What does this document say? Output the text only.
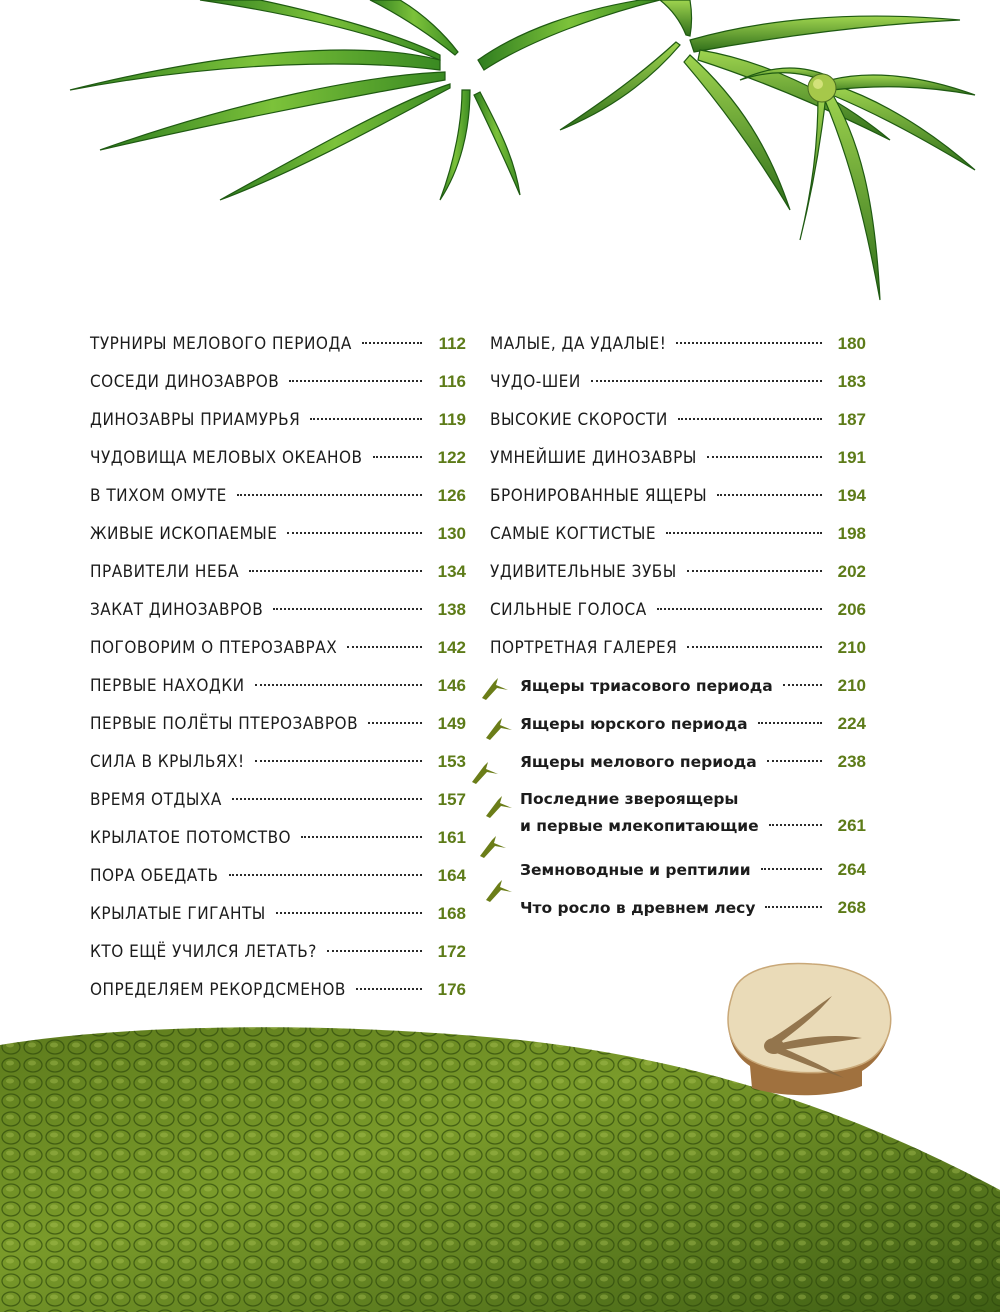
ТУРНИРЫ МЕЛОВОГО ПЕРИОДА	112
СОСЕДИ ДИНОЗАВРОВ	116
ДИНОЗАВРЫ ПРИАМУРЬЯ	119
ЧУДОВИЩА МЕЛОВЫХ ОКЕАНОВ	122
В ТИХОМ ОМУТЕ	126
ЖИВЫЕ ИСКОПАЕМЫЕ	130
ПРАВИТЕЛИ НЕБА	134
ЗАКАТ ДИНОЗАВРОВ	138
ПОГОВОРИМ О ПТЕРОЗАВРАХ	142
ПЕРВЫЕ НАХОДКИ	146
ПЕРВЫЕ ПОЛЁТЫ ПТЕРОЗАВРОВ	149
СИЛА В КРЫЛЬЯХ!	153
ВРЕМЯ ОТДЫХА	157
КРЫЛАТОЕ ПОТОМСТВО	161
ПОРА ОБЕДАТЬ	164
КРЫЛАТЫЕ ГИГАНТЫ	168
КТО ЕЩЁ УЧИЛСЯ ЛЕТАТЬ?	172
ОПРЕДЕЛЯЕМ РЕКОРДСМЕНОВ	176
МАЛЫЕ, ДА УДАЛЫЕ!	180
ЧУДО-ШЕИ	183
ВЫСОКИЕ СКОРОСТИ	187
УМНЕЙШИЕ ДИНОЗАВРЫ	191
БРОНИРОВАННЫЕ ЯЩЕРЫ	194
САМЫЕ КОГТИСТЫЕ	198
УДИВИТЕЛЬНЫЕ ЗУБЫ	202
СИЛЬНЫЕ ГОЛОСА	206
ПОРТРЕТНАЯ ГАЛЕРЕЯ	210
Ящеры триасового периода	210
Ящеры юрского периода	224
Ящеры мелового периода	238
Последние звероящеры
и первые млекопитающие	261
Земноводные и рептилии	264
Что росло в древнем лесу	268
